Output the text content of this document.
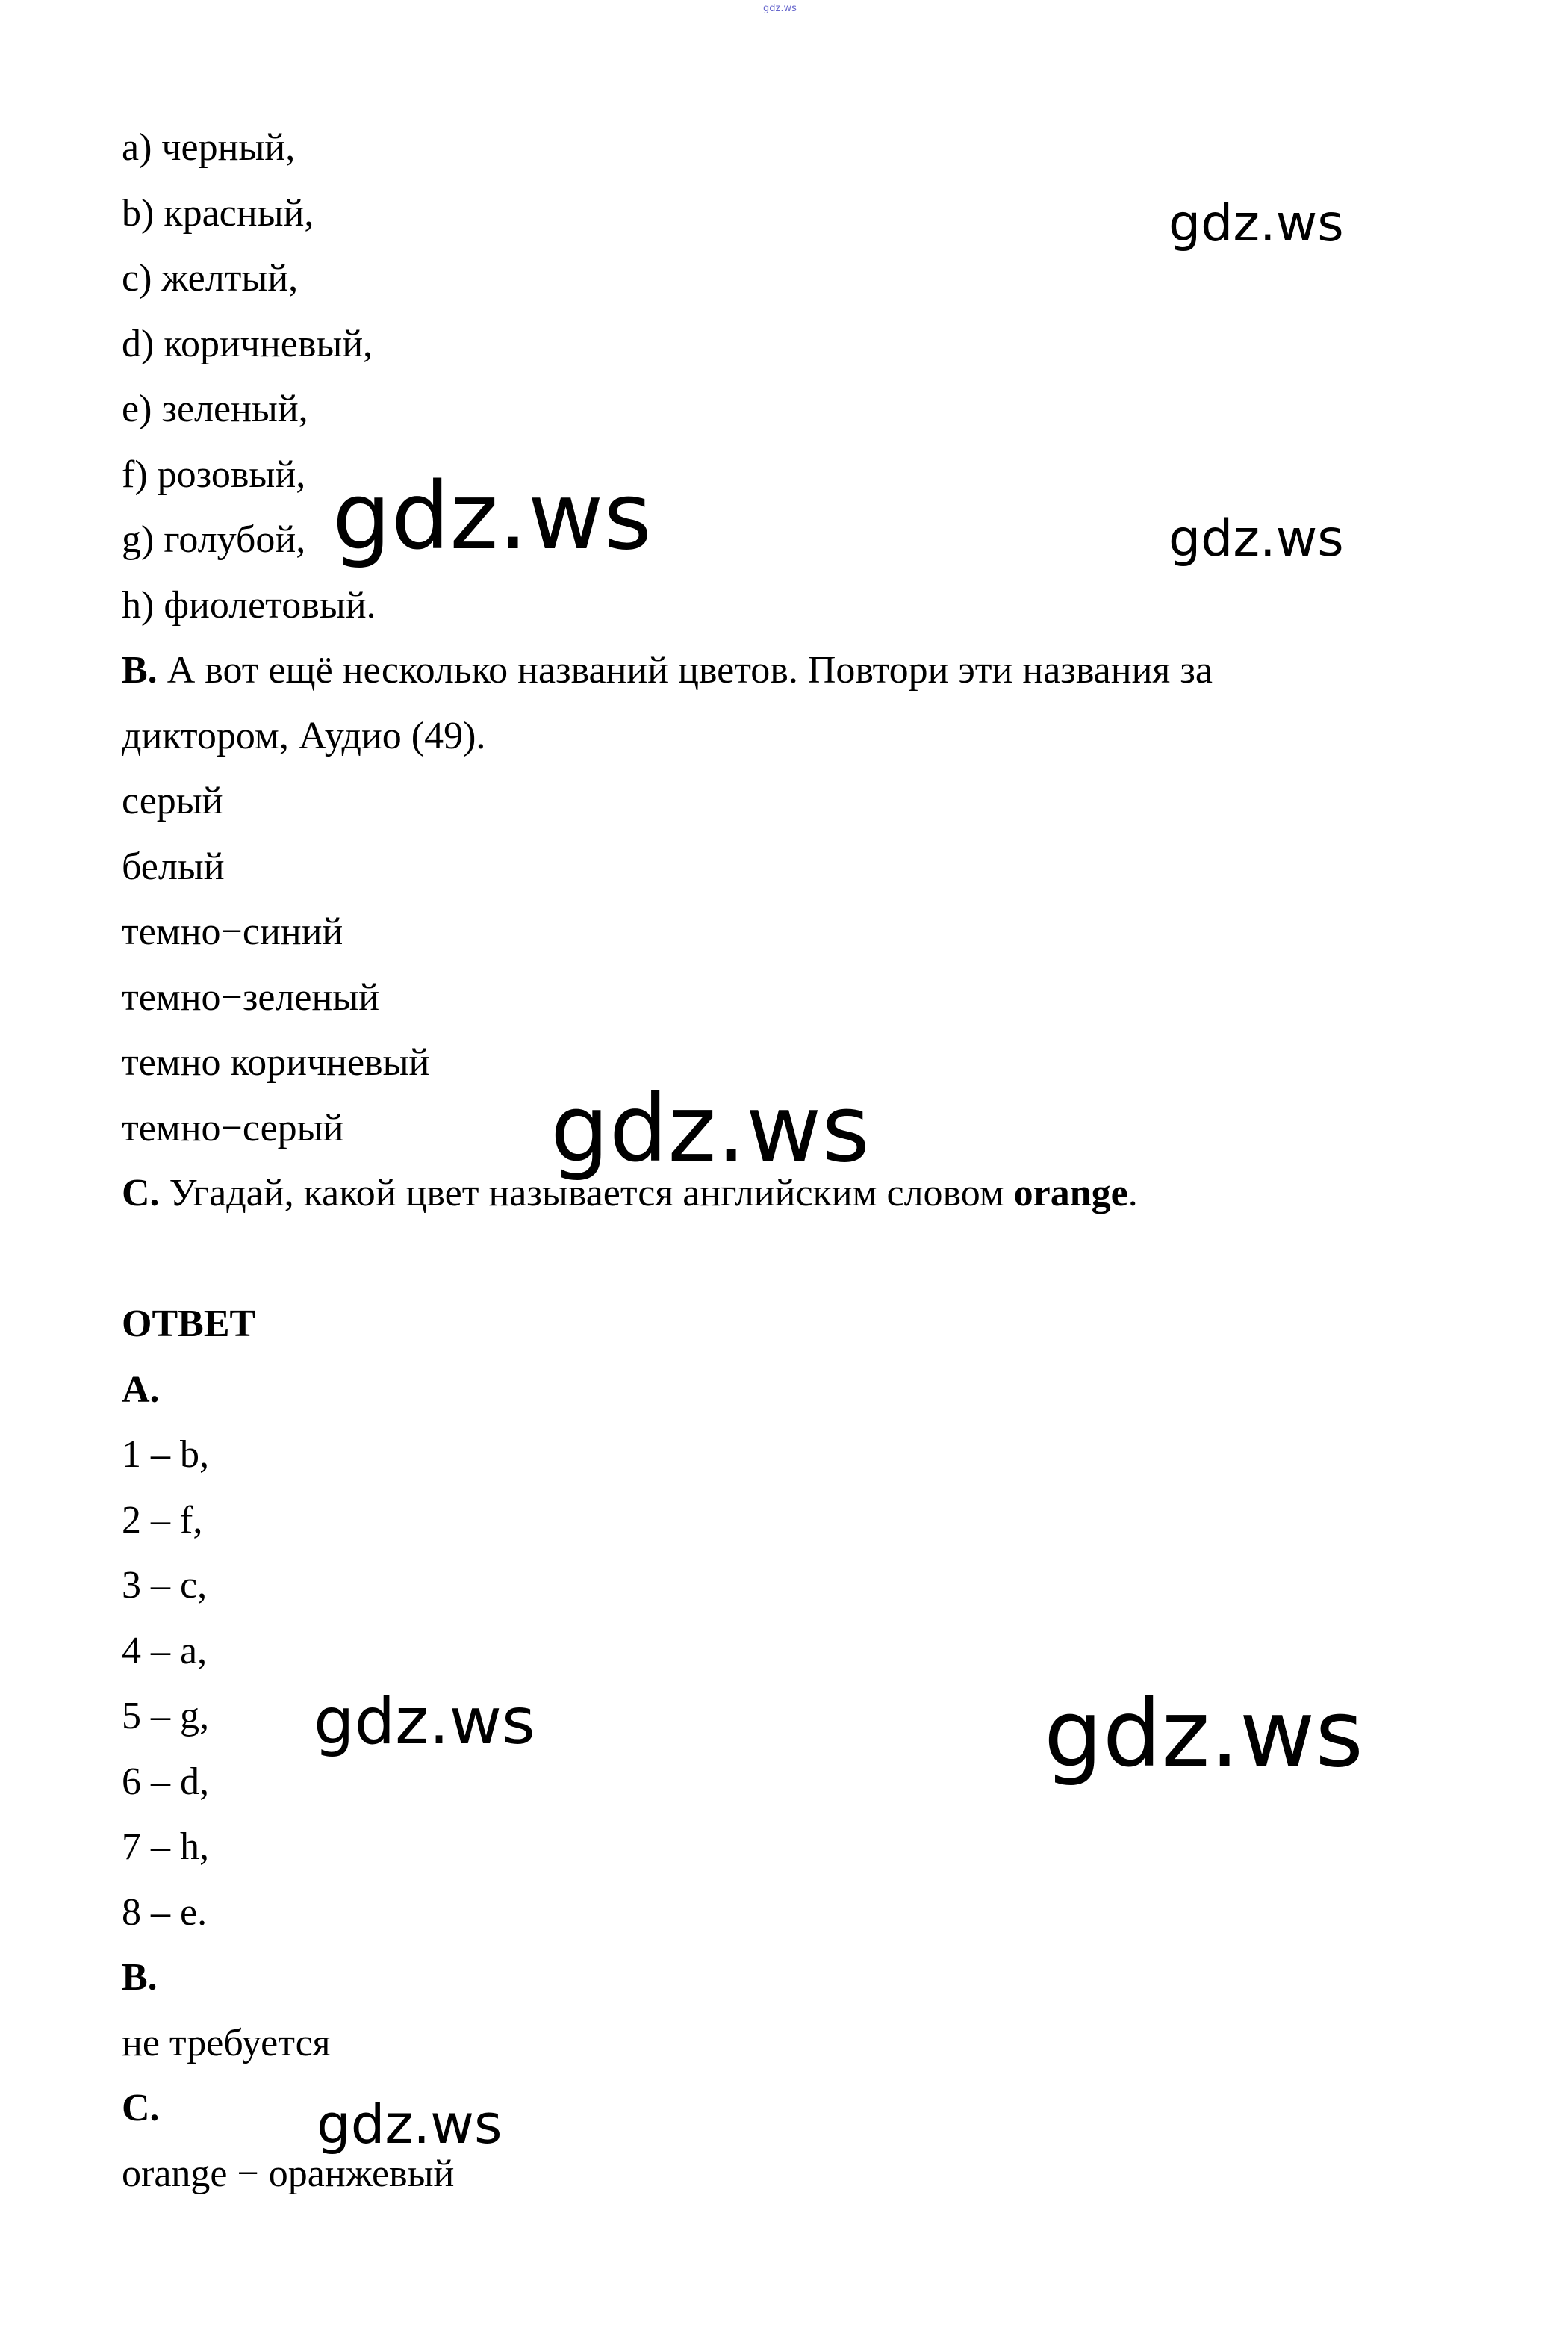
gdz.ws
a) черный,
b) красный,
c) желтый,
d) коричневый,
e) зеленый,
f) розовый,
g) голубой,
h) фиолетовый.
B. А вот ещё несколько названий цветов. Повтори эти названия за
диктором, Аудио (49).
серый
белый
темно−синий
темно−зеленый
темно коричневый
темно−серый
C. Угадай, какой цвет называется английским словом orange.
ОТВЕТ
A.
1 – b,
2 – f,
3 – c,
4 – a,
5 – g,
6 – d,
7 – h,
8 – e.
B.
не требуется
C.
orange − оранжевый
gdz.ws
gdz.ws	gdz.ws
gdz.ws
gdz.ws	gdz.ws
gdz.ws
